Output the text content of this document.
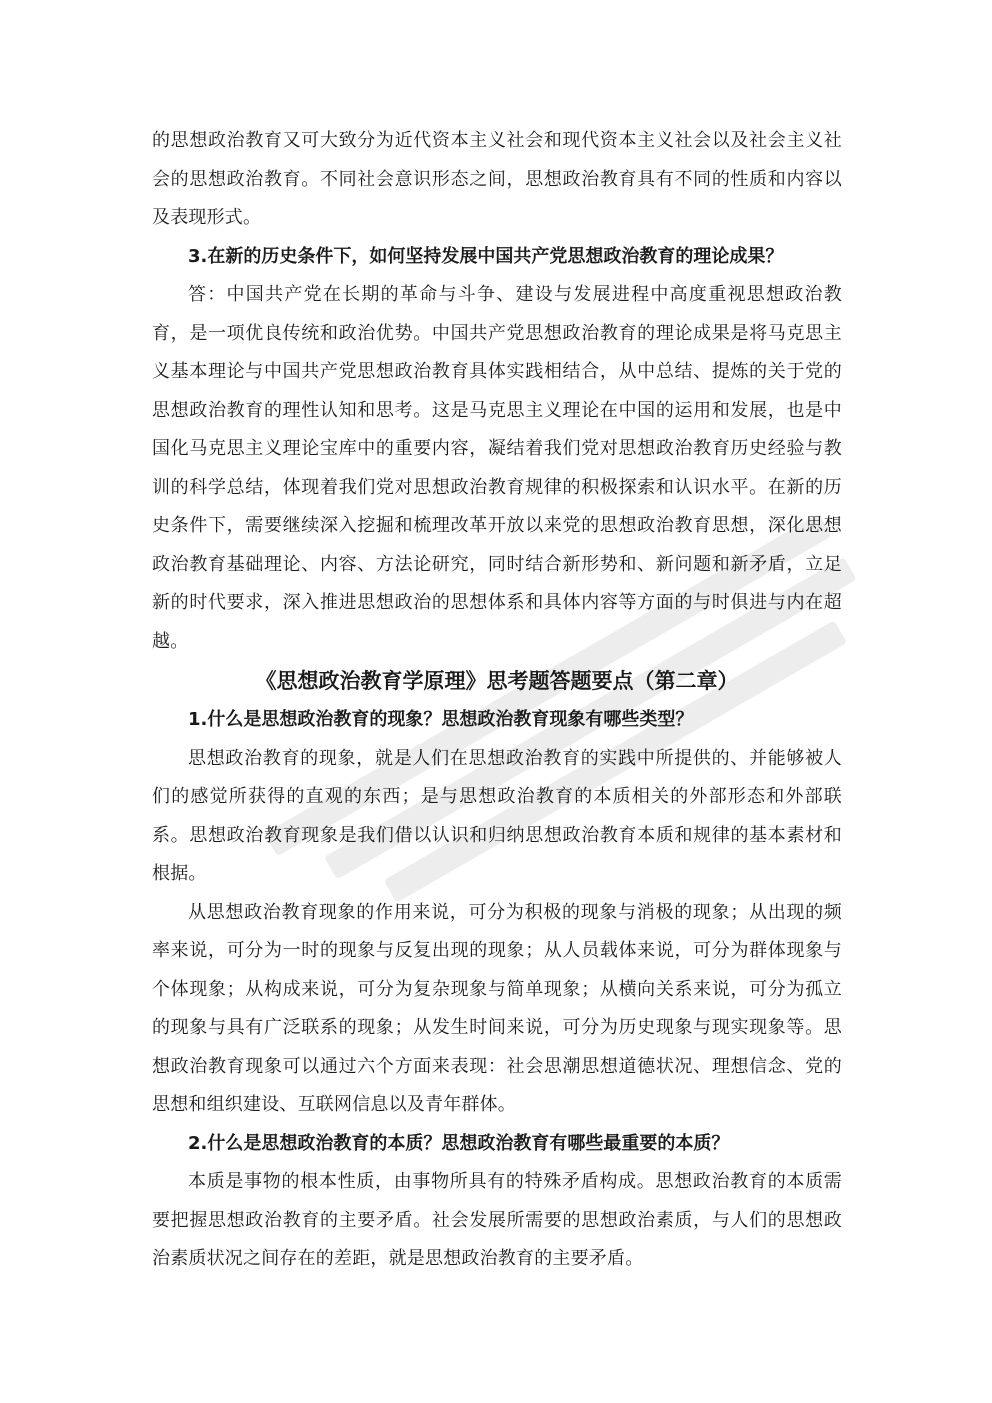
的思想政治教育又可大致分为近代资本主义社会和现代资本主义社会以及社会主义社会的思想政治教育。不同社会意识形态之间，思想政治教育具有不同的性质和内容以及表现形式。

3.在新的历史条件下，如何坚持发展中国共产党思想政治教育的理论成果？

答：中国共产党在长期的革命与斗争、建设与发展进程中高度重视思想政治教育，是一项优良传统和政治优势。中国共产党思想政治教育的理论成果是将马克思主义基本理论与中国共产党思想政治教育具体实践相结合，从中总结、提炼的关于党的思想政治教育的理性认知和思考。这是马克思主义理论在中国的运用和发展，也是中国化马克思主义理论宝库中的重要内容，凝结着我们党对思想政治教育历史经验与教训的科学总结，体现着我们党对思想政治教育规律的积极探索和认识水平。在新的历史条件下，需要继续深入挖掘和梳理改革开放以来党的思想政治教育思想，深化思想政治教育基础理论、内容、方法论研究，同时结合新形势和、新问题和新矛盾，立足新的时代要求，深入推进思想政治的思想体系和具体内容等方面的与时俱进与内在超越。

《思想政治教育学原理》思考题答题要点（第二章）

1.什么是思想政治教育的现象？思想政治教育现象有哪些类型？

思想政治教育的现象，就是人们在思想政治教育的实践中所提供的、并能够被人们的感觉所获得的直观的东西；是与思想政治教育的本质相关的外部形态和外部联系。思想政治教育现象是我们借以认识和归纳思想政治教育本质和规律的基本素材和根据。

从思想政治教育现象的作用来说，可分为积极的现象与消极的现象；从出现的频率来说，可分为一时的现象与反复出现的现象；从人员载体来说，可分为群体现象与个体现象；从构成来说，可分为复杂现象与简单现象；从横向关系来说，可分为孤立的现象与具有广泛联系的现象；从发生时间来说，可分为历史现象与现实现象等。思想政治教育现象可以通过六个方面来表现：社会思潮思想道德状况、理想信念、党的思想和组织建设、互联网信息以及青年群体。

2.什么是思想政治教育的本质？思想政治教育有哪些最重要的本质？

本质是事物的根本性质，由事物所具有的特殊矛盾构成。思想政治教育的本质需要把握思想政治教育的主要矛盾。社会发展所需要的思想政治素质，与人们的思想政治素质状况之间存在的差距，就是思想政治教育的主要矛盾。
